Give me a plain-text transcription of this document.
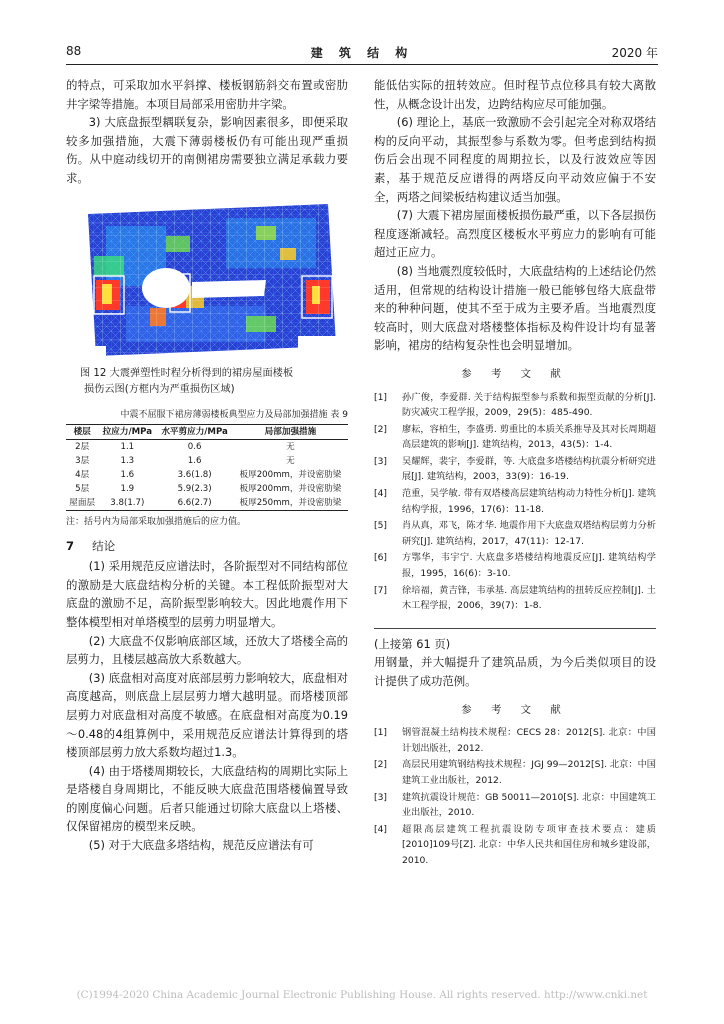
88	建 筑 结 构	2020 年

的特点，可采取加水平斜撑、楼板钢筋斜交布置或密肋井字梁等措施。本项目局部采用密肋井字梁。

3) 大底盘振型耦联复杂，影响因素很多，即便采取较多加强措施，大震下薄弱楼板仍有可能出现严重损伤。从中庭动线切开的南侧裙房需要独立满足承载力要求。

图 12 大震弹塑性时程分析得到的裙房屋面楼板
损伤云图(方框内为严重损伤区域)
中震不屈服下裙房薄弱楼板典型应力及局部加强措施 表 9
楼层	拉应力/MPa	水平剪应力/MPa	局部加强措施
2层	1.1	0.6	无
3层	1.3	1.6	无
4层	1.6	3.6(1.8)	板厚200mm，并设密肋梁
5层	1.9	5.9(2.3)	板厚200mm，并设密肋梁
屋面层	3.8(1.7)	6.6(2.7)	板厚250mm，并设密肋梁
注：括号内为局部采取加强措施后的应力值。
7 结论

(1) 采用规范反应谱法时，各阶振型对不同结构部位的激励是大底盘结构分析的关键。本工程低阶振型对大底盘的激励不足，高阶振型影响较大。因此地震作用下整体模型相对单塔模型的层剪力明显增大。

(2) 大底盘不仅影响底部区域，还放大了塔楼全高的层剪力，且楼层越高放大系数越大。

(3) 底盘相对高度对底部层剪力影响较大，底盘相对高度越高，则底盘上层层剪力增大越明显。而塔楼顶部层剪力对底盘相对高度不敏感。在底盘相对高度为0.19～0.48的4组算例中，采用规范反应谱法计算得到的塔楼顶部层剪力放大系数均超过1.3。

(4) 由于塔楼周期较长，大底盘结构的周期比实际上是塔楼自身周期比，不能反映大底盘范围塔楼偏置导致的刚度偏心问题。后者只能通过切除大底盘以上塔楼、仅保留裙房的模型来反映。

(5) 对于大底盘多塔结构，规范反应谱法有可

能低估实际的扭转效应。但时程节点位移具有较大离散性，从概念设计出发，边跨结构应尽可能加强。

(6) 理论上，基底一致激励不会引起完全对称双塔结构的反向平动，其振型参与系数为零。但考虑到结构损伤后会出现不同程度的周期拉长，以及行波效应等因素，基于规范反应谱得的两塔反向平动效应偏于不安全，两塔之间梁板结构建议适当加强。

(7) 大震下裙房屋面楼板损伤最严重，以下各层损伤程度逐渐减轻。高烈度区楼板水平剪应力的影响有可能超过正应力。

(8) 当地震烈度较低时，大底盘结构的上述结论仍然适用，但常规的结构设计措施一般已能够包络大底盘带来的种种问题，使其不至于成为主要矛盾。当地震烈度较高时，则大底盘对塔楼整体指标及构件设计均有显著影响，裙房的结构复杂性也会明显增加。

参 考 文 献
[1] 孙广俊，李爱群. 关于结构振型参与系数和振型贡献的分析[J]. 防灾减灾工程学报，2009，29(5)：485-490.
[2] 廖耘，容柏生，李盛勇. 剪重比的本质关系推导及其对长周期超高层建筑的影响[J]. 建筑结构，2013，43(5)：1-4.
[3] 吴耀辉，裴宇，李爱群，等. 大底盘多塔楼结构抗震分析研究进展[J]. 建筑结构，2003，33(9)：16-19.
[4] 范重，吴学敏. 带有双塔楼高层建筑结构动力特性分析[J]. 建筑结构学报，1996，17(6)：11-18.
[5] 肖从真，邓飞，陈才华. 地震作用下大底盘双塔结构层剪力分析研究[J]. 建筑结构，2017，47(11)：12-17.
[6] 方鄂华，韦宇宁. 大底盘多塔楼结构地震反应[J]. 建筑结构学报，1995，16(6)：3-10.
[7] 徐培福，黄吉锋，韦承基. 高层建筑结构的扭转反应控制[J]. 土木工程学报，2006，39(7)：1-8.
(上接第 61 页)

用钢量，并大幅提升了建筑品质，为今后类似项目的设计提供了成功范例。

参 考 文 献
[1] 钢管混凝土结构技术规程：CECS 28：2012[S]. 北京：中国计划出版社，2012.
[2] 高层民用建筑钢结构技术规程：JGJ 99—2012[S]. 北京：中国建筑工业出版社，2012.
[3] 建筑抗震设计规范：GB 50011—2010[S]. 北京：中国建筑工业出版社，2010.
[4] 超限高层建筑工程抗震设防专项审查技术要点：建质[2010]109号[Z]. 北京：中华人民共和国住房和城乡建设部，2010.
(C)1994-2020 China Academic Journal Electronic Publishing House. All rights reserved. http://www.cnki.net
